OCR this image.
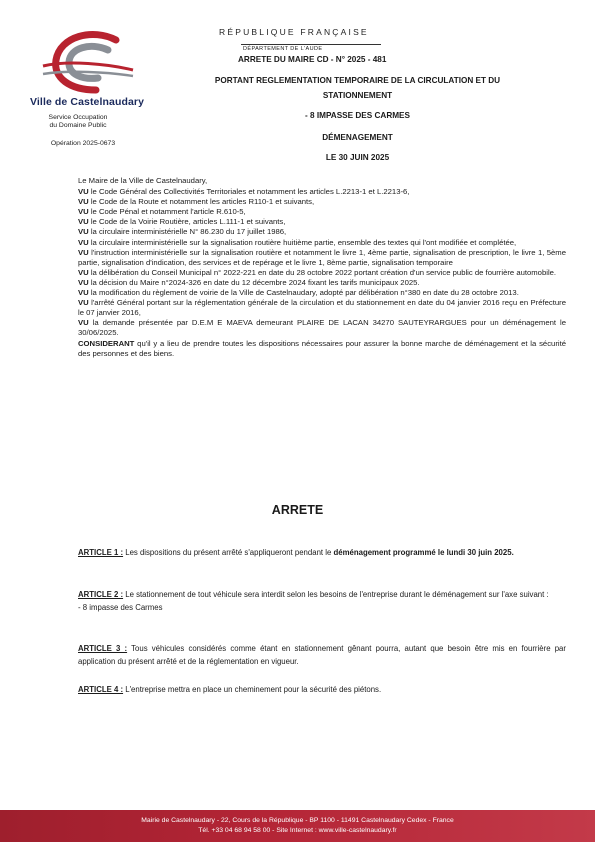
Ville de Castelnaudary
Service Occupation
du Domaine Public
Opération 2025-0673
RÉPUBLIQUE FRANÇAISE
DÉPARTEMENT DE L'AUDE
ARRETE DU MAIRE CD - N° 2025 - 481
PORTANT REGLEMENTATION TEMPORAIRE DE LA CIRCULATION ET DU
STATIONNEMENT
- 8 IMPASSE DES CARMES
DÉMENAGEMENT
LE 30 JUIN 2025

Le Maire de la Ville de Castelnaudary,

VU le Code Général des Collectivités Territoriales et notamment les articles L.2213-1 et L.2213-6,

VU le Code de la Route et notamment les articles R110-1 et suivants,

VU le Code Pénal et notamment l'article R.610-5,

VU le Code de la Voirie Routière, articles L.111-1 et suivants,

VU la circulaire interministérielle N° 86.230 du 17 juillet 1986,

VU la circulaire interministérielle sur la signalisation routière huitième partie, ensemble des textes qui l'ont modifiée et complétée,

VU l'instruction interministérielle sur la signalisation routière et notamment le livre 1, 4ème partie, signalisation de prescription, le livre 1, 5ème partie, signalisation d'indication, des services et de repérage et le livre 1, 8ème partie, signalisation temporaire

VU la délibération du Conseil Municipal n° 2022-221 en date du 28 octobre 2022 portant création d'un service public de fourrière automobile.

VU la décision du Maire n°2024-326 en date du 12 décembre 2024 fixant les tarifs municipaux 2025.

VU la modification du règlement de voirie de la Ville de Castelnaudary, adopté par délibération n°380 en date du 28 octobre 2013.

VU l'arrêté Général portant sur la réglementation générale de la circulation et du stationnement en date du 04 janvier 2016 reçu en Préfecture le 07 janvier 2016,

VU la demande présentée par D.E.M E MAEVA demeurant PLAIRE DE LACAN 34270 SAUTEYRARGUES pour un déménagement le 30/06/2025.

CONSIDERANT qu'il y a lieu de prendre toutes les dispositions nécessaires pour assurer la bonne marche de déménagement et la sécurité des personnes et des biens.

ARRETE
ARTICLE 1 : Les dispositions du présent arrêté s'appliqueront pendant le déménagement programmé le lundi 30 juin 2025.
ARTICLE 2 : Le stationnement de tout véhicule sera interdit selon les besoins de l'entreprise durant le déménagement sur l'axe suivant :
- 8 impasse des Carmes
ARTICLE 3 : Tous véhicules considérés comme étant en stationnement gênant pourra, autant que besoin être mis en fourrière par application du présent arrêté et de la réglementation en vigueur.
ARTICLE 4 : L'entreprise mettra en place un cheminement pour la sécurité des piétons.
Mairie de Castelnaudary - 22, Cours de la République - BP 1100 - 11491 Castelnaudary Cedex - France
Tél. +33 04 68 94 58 00 - Site Internet : www.ville-castelnaudary.fr
